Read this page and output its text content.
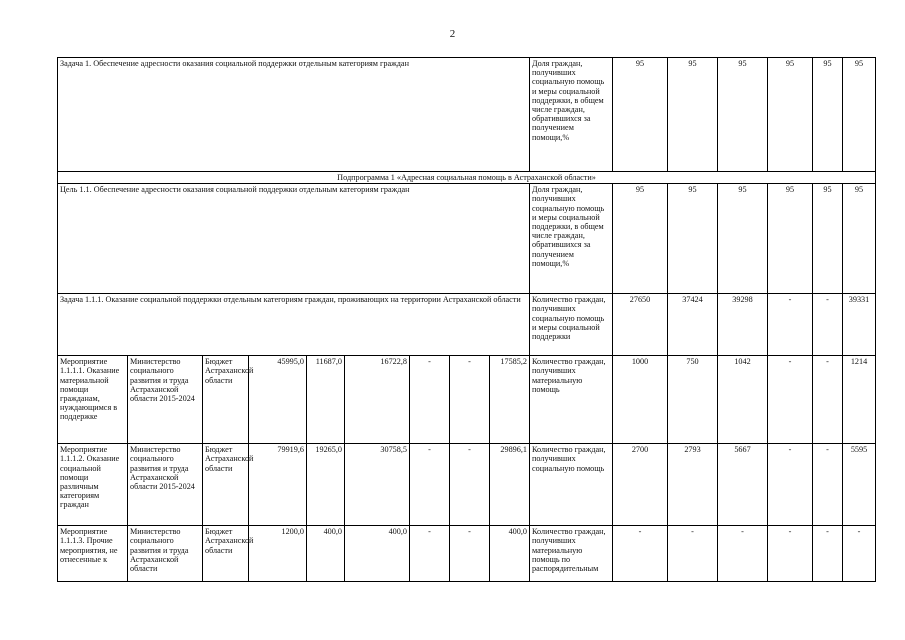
2
Задача 1. Обеспечение адресности оказания социальной поддержки отдельным категориям граждан									Доля граждан, получивших социальную помощь и меры социальной поддержки, в общем числе граждан, обратившихся за получением помощи,%	95	95	95	95	95	95
Подпрограмма 1 «Адресная социальная помощь в Астраханской области»															
Цель 1.1. Обеспечение адресности оказания социальной поддержки отдельным категориям граждан									Доля граждан, получивших социальную помощь и меры социальной поддержки, в общем числе граждан, обратившихся за получением помощи,%	95	95	95	95	95	95
Задача 1.1.1. Оказание социальной поддержки отдельным категориям граждан, проживающих на территории Астраханской области									Количество граждан, получивших социальную помощь и меры социальной поддержки	27650	37424	39298	-	-	39331
Мероприятие 1.1.1.1. Оказание материальной помощи гражданам, нуждающимся в поддержке	Министерство социального развития и труда Астраханской области 2015-2024	Бюджет Астраханской области	45995,0	11687,0	16722,8	-	-	17585,2	Количество граждан, получивших материальную помощь	1000	750	1042	-	-	1214
Мероприятие 1.1.1.2. Оказание социальной помощи различным категориям граждан	Министерство социального развития и труда Астраханской области 2015-2024	Бюджет Астраханской области	79919,6	19265,0	30758,5	-	-	29896,1	Количество граждан, получивших социальную помощь	2700	2793	5667	-	-	5595
Мероприятие 1.1.1.3. Прочие мероприятия, не отнесенные к	Министерство социального развития и труда Астраханской области	Бюджет Астраханской области	1200,0	400,0	400,0	-	-	400,0	Количество граждан, получивших материальную помощь по распорядительным	-	-	-	-	-	-
